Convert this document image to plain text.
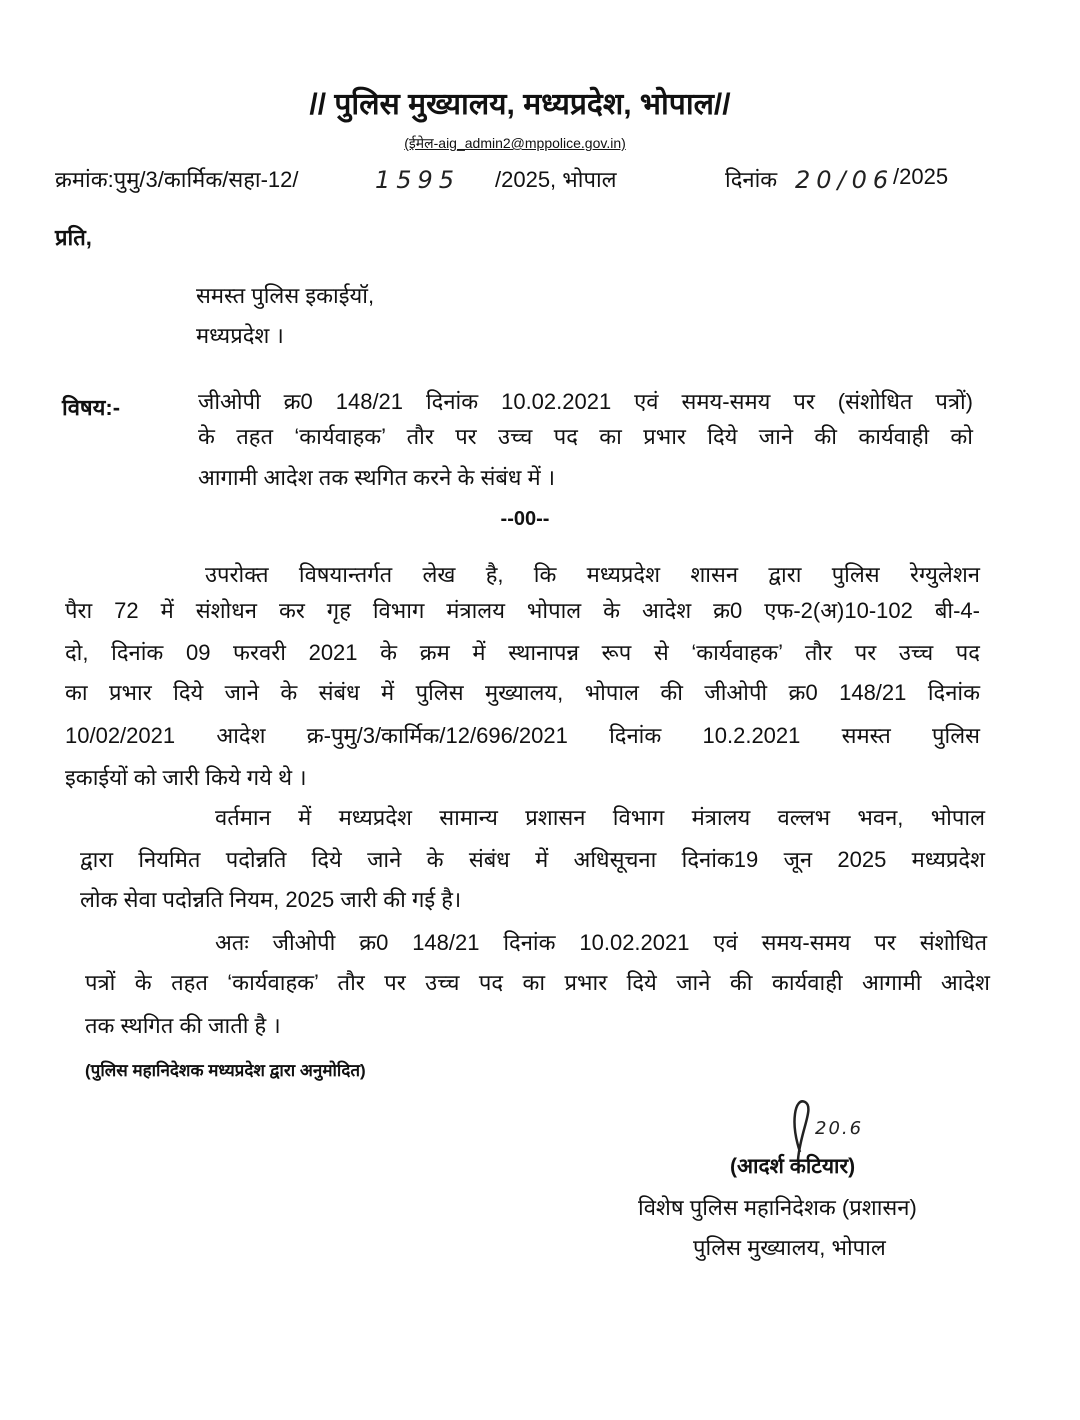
// पुलिस मुख्यालय, मध्यप्रदेश, भोपाल//
(ईमेल-aig_admin2@mppolice.gov.in)
क्रमांक:पुमु/3/कार्मिक/सहा-12/	1595 /2025, भोपाल	दिनांक 20/06
/2025
प्रति,
समस्त पुलिस इकाईयॉ,
मध्यप्रदेश ।
विषय:-	जीओपी क्र0 148/21 दिनांक 10.02.2021 एवं समय-समय पर (संशोधित पत्रों)
के तहत ‘कार्यवाहक’ तौर पर उच्च पद का प्रभार दिये जाने की कार्यवाही को
आगामी आदेश तक स्थगित करने के संबंध में ।
--00--
उपरोक्त विषयान्तर्गत लेख है, कि मध्यप्रदेश शासन द्वारा पुलिस रेग्युलेशन
पैरा 72 में संशोधन कर गृह विभाग मंत्रालय भोपाल के आदेश क्र0 एफ-2(अ)10-102 बी-4-
दो, दिनांक 09 फरवरी 2021 के क्रम में स्थानापन्न रूप से ‘कार्यवाहक’ तौर पर उच्च पद
का प्रभार दिये जाने के संबंध में पुलिस मुख्यालय, भोपाल की जीओपी क्र0 148/21 दिनांक
10/02/2021 आदेश क्र-पुमु/3/कार्मिक/12/696/2021 दिनांक 10.2.2021 समस्त पुलिस
इकाईयों को जारी किये गये थे ।
वर्तमान में मध्यप्रदेश सामान्य प्रशासन विभाग मंत्रालय वल्लभ भवन, भोपाल
द्वारा नियमित पदोन्नति दिये जाने के संबंध में अधिसूचना दिनांक19 जून 2025 मध्यप्रदेश
लोक सेवा पदोन्नति नियम, 2025 जारी की गई है।
अतः जीओपी क्र0 148/21 दिनांक 10.02.2021 एवं समय-समय पर संशोधित
पत्रों के तहत ‘कार्यवाहक’ तौर पर उच्च पद का प्रभार दिये जाने की कार्यवाही आगामी आदेश
तक स्थगित की जाती है ।
(पुलिस महानिदेशक मध्यप्रदेश द्वारा अनुमोदित)
20.6
(आदर्श कटियार)
विशेष पुलिस महानिदेशक (प्रशासन)
पुलिस मुख्यालय, भोपाल
